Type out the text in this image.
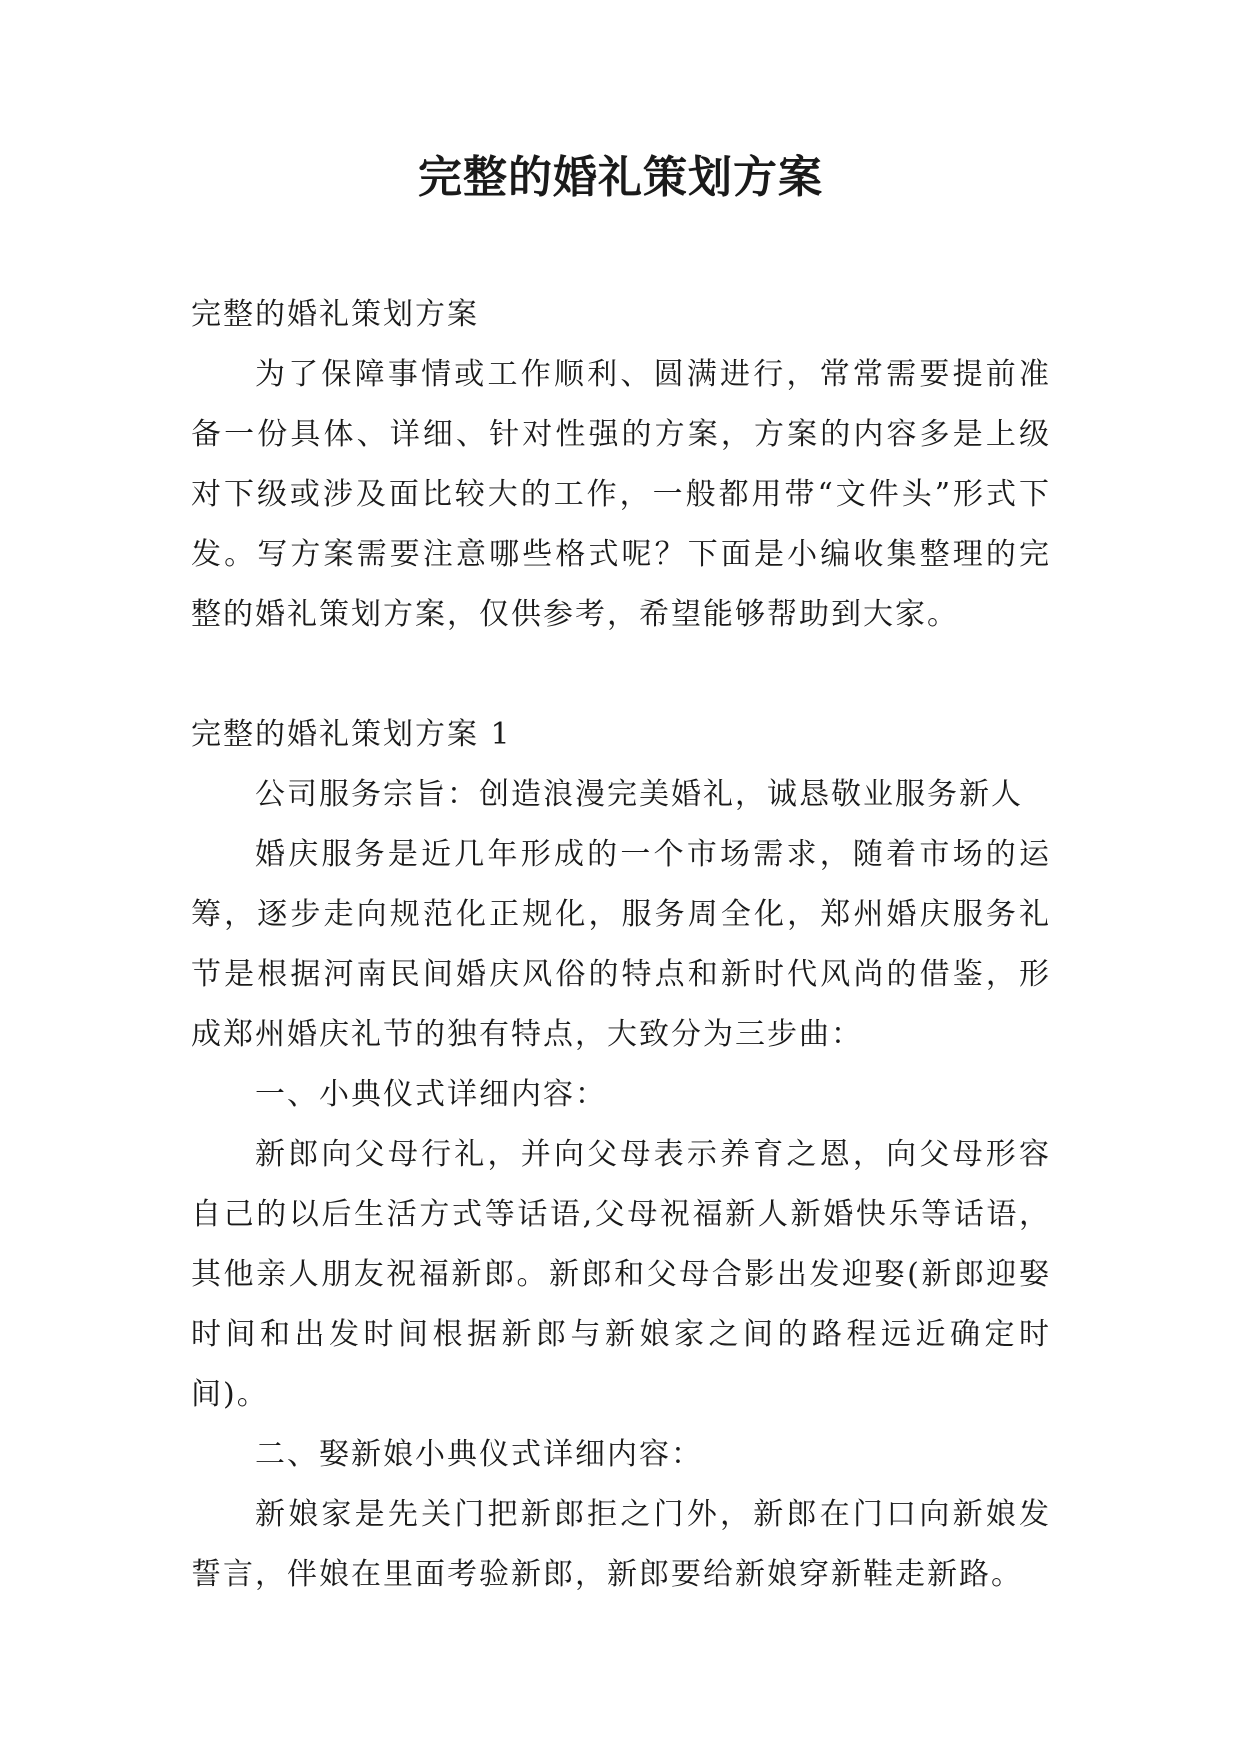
完整的婚礼策划方案

完整的婚礼策划方案

为了保障事情或工作顺利、圆满进行，常常需要提前准备一份具体、详细、针对性强的方案，方案的内容多是上级对下级或涉及面比较大的工作，一般都用带“文件头”形式下发。写方案需要注意哪些格式呢？下面是小编收集整理的完整的婚礼策划方案，仅供参考，希望能够帮助到大家。

完整的婚礼策划方案 1

公司服务宗旨：创造浪漫完美婚礼，诚恳敬业服务新人

婚庆服务是近几年形成的一个市场需求，随着市场的运筹，逐步走向规范化正规化，服务周全化，郑州婚庆服务礼节是根据河南民间婚庆风俗的特点和新时代风尚的借鉴，形成郑州婚庆礼节的独有特点，大致分为三步曲：

一、小典仪式详细内容：

新郎向父母行礼，并向父母表示养育之恩，向父母形容自己的以后生活方式等话语,父母祝福新人新婚快乐等话语，其他亲人朋友祝福新郎。新郎和父母合影出发迎娶(新郎迎娶时间和出发时间根据新郎与新娘家之间的路程远近确定时间)。

二、娶新娘小典仪式详细内容：

新娘家是先关门把新郎拒之门外，新郎在门口向新娘发誓言，伴娘在里面考验新郎，新郎要给新娘穿新鞋走新路。
